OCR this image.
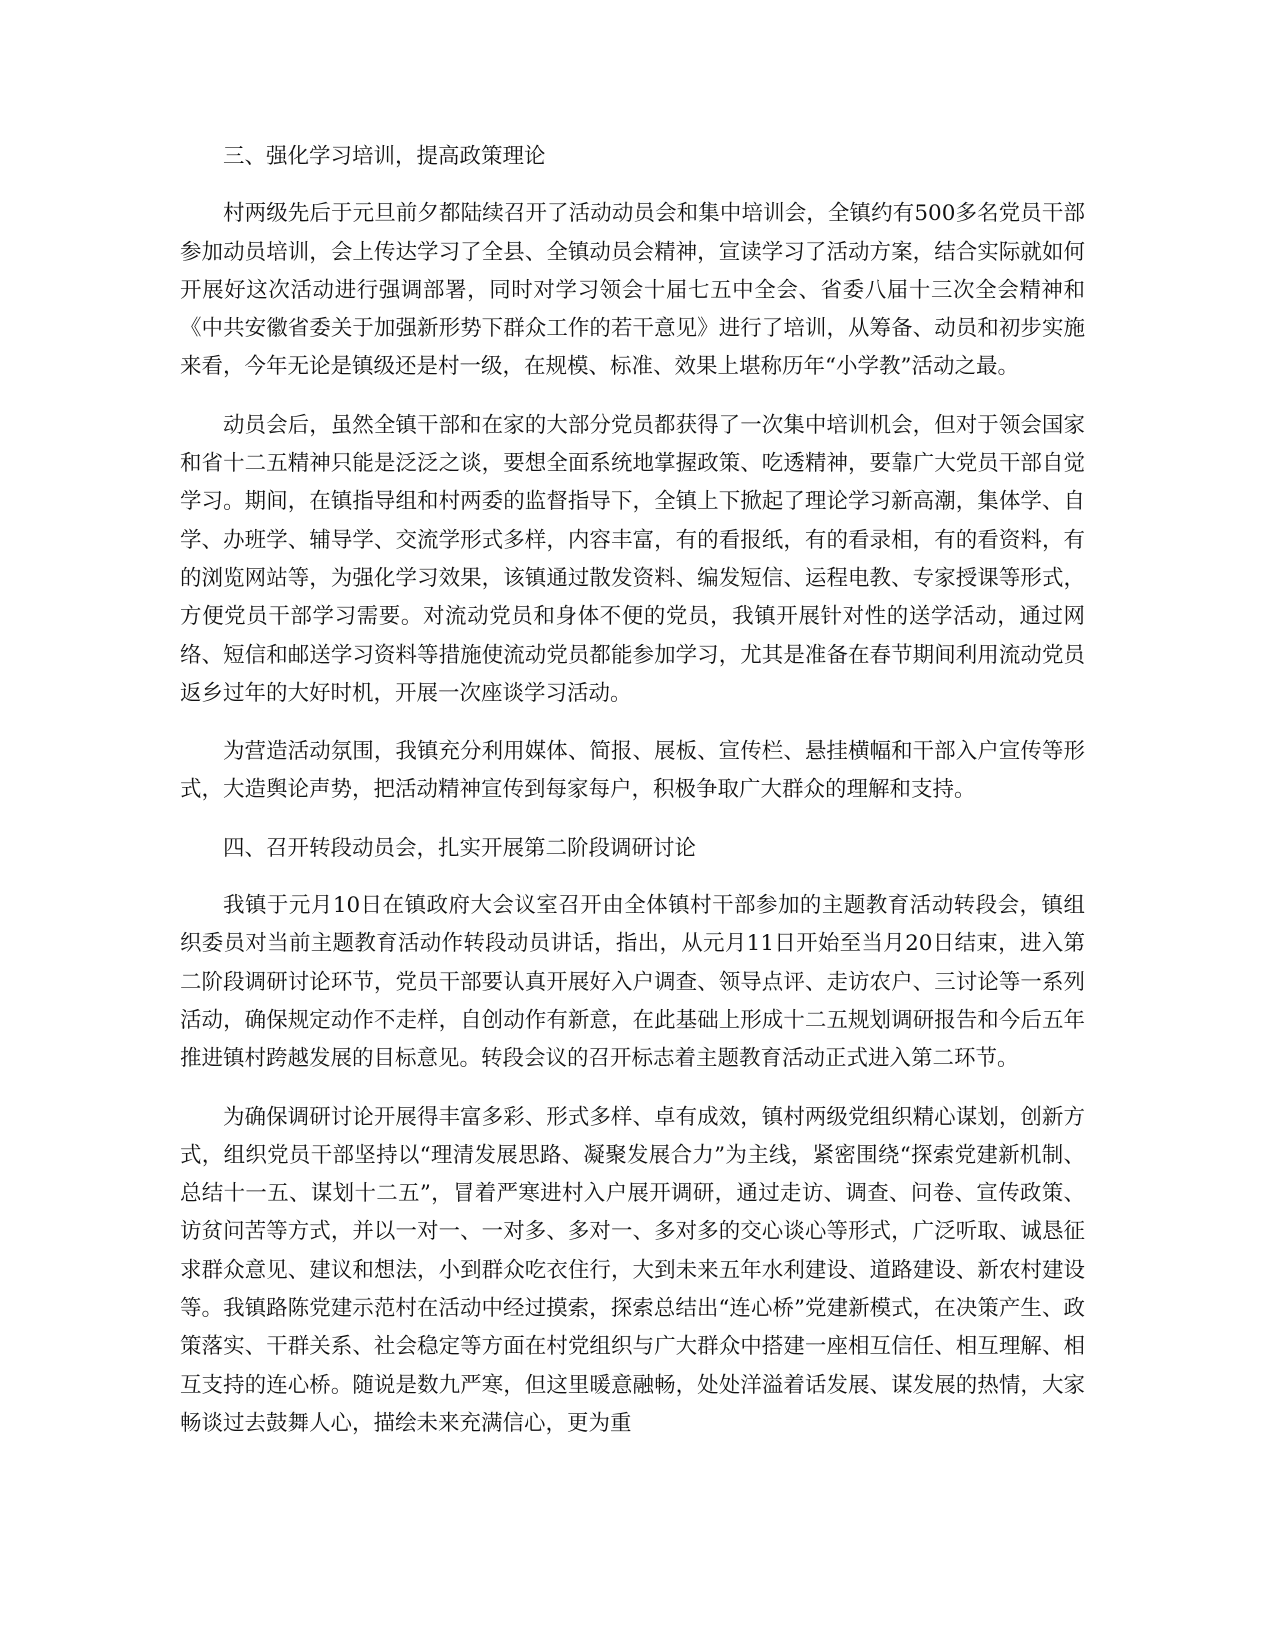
三、强化学习培训，提高政策理论

村两级先后于元旦前夕都陆续召开了活动动员会和集中培训会，全镇约有500多名党员干部参加动员培训，会上传达学习了全县、全镇动员会精神，宣读学习了活动方案，结合实际就如何开展好这次活动进行强调部署，同时对学习领会十届七五中全会、省委八届十三次全会精神和《中共安徽省委关于加强新形势下群众工作的若干意见》进行了培训，从筹备、动员和初步实施来看，今年无论是镇级还是村一级，在规模、标准、效果上堪称历年“小学教”活动之最。

动员会后，虽然全镇干部和在家的大部分党员都获得了一次集中培训机会，但对于领会国家和省十二五精神只能是泛泛之谈，要想全面系统地掌握政策、吃透精神，要靠广大党员干部自觉学习。期间，在镇指导组和村两委的监督指导下，全镇上下掀起了理论学习新高潮，集体学、自学、办班学、辅导学、交流学形式多样，内容丰富，有的看报纸，有的看录相，有的看资料，有的浏览网站等，为强化学习效果，该镇通过散发资料、编发短信、运程电教、专家授课等形式，方便党员干部学习需要。对流动党员和身体不便的党员，我镇开展针对性的送学活动，通过网络、短信和邮送学习资料等措施使流动党员都能参加学习，尤其是准备在春节期间利用流动党员返乡过年的大好时机，开展一次座谈学习活动。

为营造活动氛围，我镇充分利用媒体、简报、展板、宣传栏、悬挂横幅和干部入户宣传等形式，大造舆论声势，把活动精神宣传到每家每户，积极争取广大群众的理解和支持。

四、召开转段动员会，扎实开展第二阶段调研讨论

我镇于元月10日在镇政府大会议室召开由全体镇村干部参加的主题教育活动转段会，镇组织委员对当前主题教育活动作转段动员讲话，指出，从元月11日开始至当月20日结束，进入第二阶段调研讨论环节，党员干部要认真开展好入户调查、领导点评、走访农户、三讨论等一系列活动，确保规定动作不走样，自创动作有新意，在此基础上形成十二五规划调研报告和今后五年推进镇村跨越发展的目标意见。转段会议的召开标志着主题教育活动正式进入第二环节。

为确保调研讨论开展得丰富多彩、形式多样、卓有成效，镇村两级党组织精心谋划，创新方式，组织党员干部坚持以“理清发展思路、凝聚发展合力”为主线，紧密围绕“探索党建新机制、总结十一五、谋划十二五”，冒着严寒进村入户展开调研，通过走访、调查、问卷、宣传政策、访贫问苦等方式，并以一对一、一对多、多对一、多对多的交心谈心等形式，广泛听取、诚恳征求群众意见、建议和想法，小到群众吃衣住行，大到未来五年水利建设、道路建设、新农村建设等。我镇路陈党建示范村在活动中经过摸索，探索总结出“连心桥”党建新模式，在决策产生、政策落实、干群关系、社会稳定等方面在村党组织与广大群众中搭建一座相互信任、相互理解、相互支持的连心桥。随说是数九严寒，但这里暖意融畅，处处洋溢着话发展、谋发展的热情，大家畅谈过去鼓舞人心，描绘未来充满信心，更为重
